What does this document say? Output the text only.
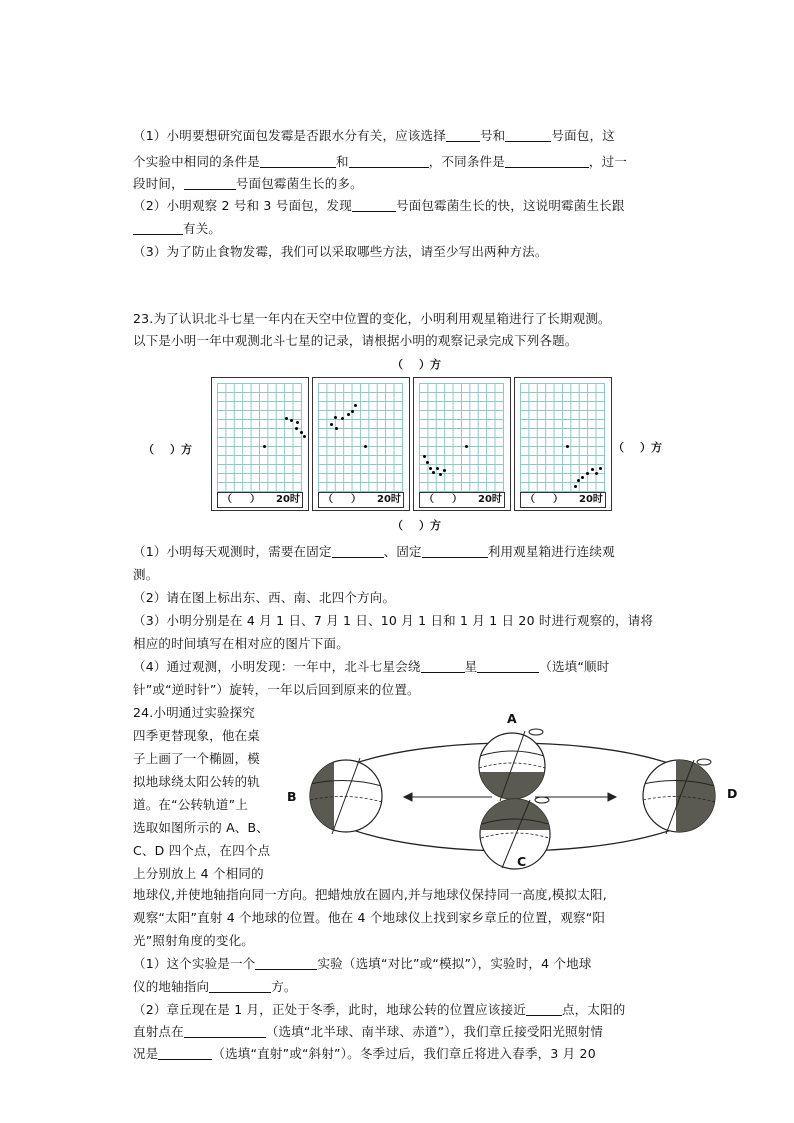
（1）小明要想研究面包发霉是否跟水分有关，应该选择	号和	号面包，这
个实验中相同的条件是	和	，不同条件是	，过一
段时间，	号面包霉菌生长的多。
（2）小明观察 2 号和 3 号面包，发现	号面包霉菌生长的快，这说明霉菌生长跟
有关。
（3）为了防止食物发霉，我们可以采取哪些方法，请至少写出两种方法。
23.为了认识北斗七星一年内在天空中位置的变化，小明利用观星箱进行了长期观测。
以下是小明一年中观测北斗七星的记录，请根据小明的观察记录完成下列各题。
（ ）方
（ ）方	（ ）方
（ ）方
（ ） 20时 （ ） 20时 （ ） 20时 （ ） 20时
（1）小明每天观测时，需要在固定	、固定	利用观星箱进行连续观
测。
（2）请在图上标出东、西、南、北四个方向。
（3）小明分别是在 4 月 1 日、7 月 1 日、10 月 1 日和 1 月 1 日 20 时进行观察的，请将
相应的时间填写在相对应的图片下面。
（4）通过观测，小明发现：一年中，北斗七星会绕	星	（选填“顺时
针”或“逆时针”）旋转，一年以后回到原来的位置。
24.小明通过实验探究
四季更替现象，他在桌
子上画了一个椭圆，模
拟地球绕太阳公转的轨
道。在“公转轨道”上
选取如图所示的 A、B、
C、D 四个点，在四个点
上分别放上 4 个相同的
A
B
C
D
地球仪,并使地轴指向同一方向。把蜡烛放在圆内,并与地球仪保持同一高度,模拟太阳,
观察“太阳”直射 4 个地球的位置。他在 4 个地球仪上找到家乡章丘的位置，观察“阳
光”照射角度的变化。
（1）这个实验是一个	实验（选填“对比”或“模拟”），实验时，4 个地球
仪的地轴指向	方。
（2）章丘现在是 1 月，正处于冬季，此时，地球公转的位置应该接近	点，太阳的
直射点在	（选填“北半球、南半球、赤道”），我们章丘接受阳光照射情
况是	（选填“直射”或“斜射”）。冬季过后，我们章丘将进入春季，3 月 20
